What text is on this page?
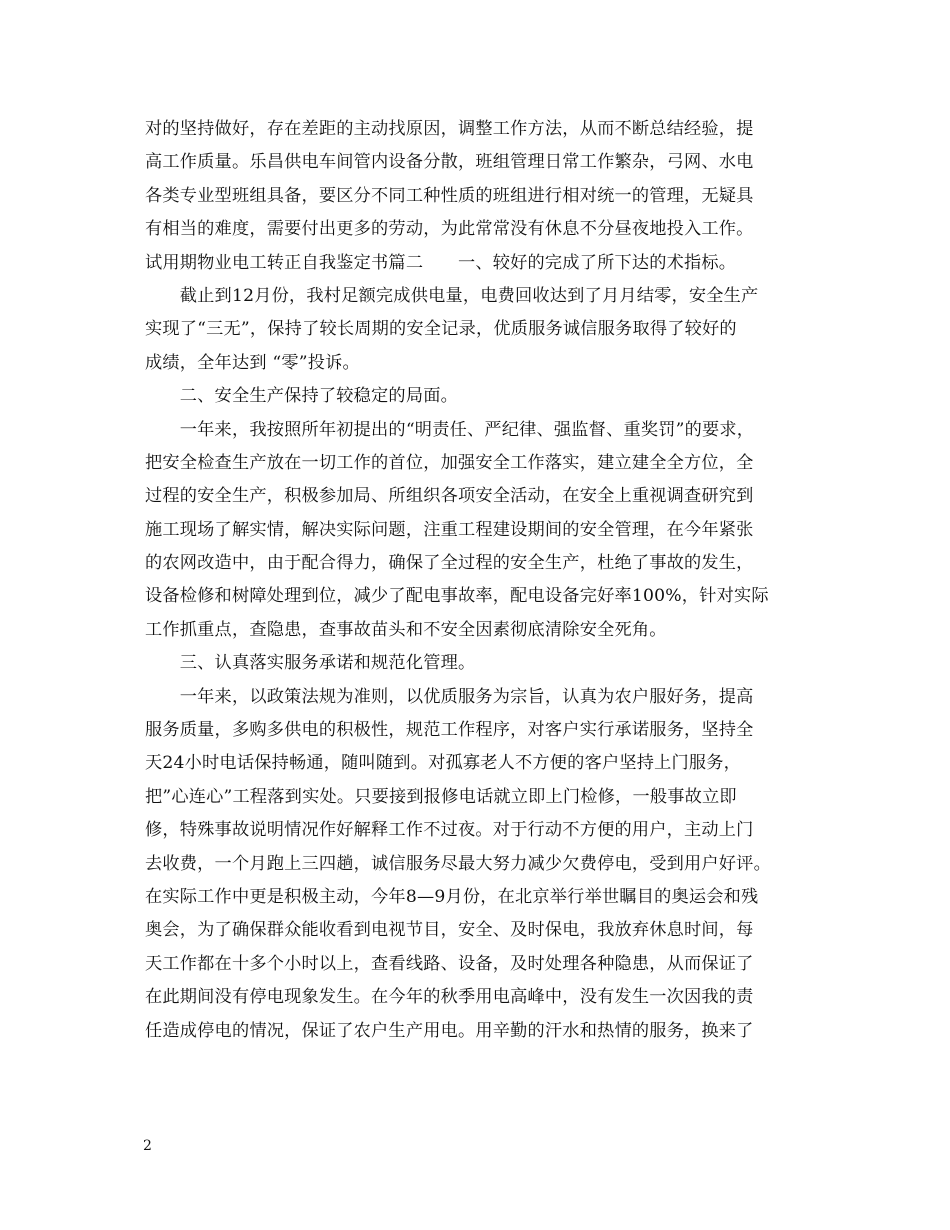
对的坚持做好，存在差距的主动找原因，调整工作方法，从而不断总结经验，提
高工作质量。乐昌供电车间管内设备分散，班组管理日常工作繁杂，弓网、水电
各类专业型班组具备，要区分不同工种性质的班组进行相对统一的管理，无疑具
有相当的难度，需要付出更多的劳动，为此常常没有休息不分昼夜地投入工作。
试用期物业电工转正自我鉴定书篇二　　一、较好的完成了所下达的术指标。
　　截止到12月份，我村足额完成供电量，电费回收达到了月月结零，安全生产
实现了“三无”，保持了较长周期的安全记录，优质服务诚信服务取得了较好的
成绩，全年达到 “零”投诉。
　　二、安全生产保持了较稳定的局面。
　　一年来，我按照所年初提出的“明责任、严纪律、强监督、重奖罚”的要求，
把安全检查生产放在一切工作的首位，加强安全工作落实，建立建全全方位，全
过程的安全生产，积极参加局、所组织各项安全活动，在安全上重视调查研究到
施工现场了解实情，解决实际问题，注重工程建设期间的安全管理，在今年紧张
的农网改造中，由于配合得力，确保了全过程的安全生产，杜绝了事故的发生，
设备检修和树障处理到位，减少了配电事故率，配电设备完好率100%，针对实际
工作抓重点，查隐患，查事故苗头和不安全因素彻底清除安全死角。
　　三、认真落实服务承诺和规范化管理。
　　一年来，以政策法规为准则，以优质服务为宗旨，认真为农户服好务，提高
服务质量，多购多供电的积极性，规范工作程序，对客户实行承诺服务，坚持全
天24小时电话保持畅通，随叫随到。对孤寡老人不方便的客户坚持上门服务，
把”心连心”工程落到实处。只要接到报修电话就立即上门检修，一般事故立即
修，特殊事故说明情况作好解释工作不过夜。对于行动不方便的用户，主动上门
去收费，一个月跑上三四趟，诚信服务尽最大努力减少欠费停电，受到用户好评。
在实际工作中更是积极主动，今年8—9月份，在北京举行举世瞩目的奥运会和残
奥会，为了确保群众能收看到电视节目，安全、及时保电，我放弃休息时间，每
天工作都在十多个小时以上，查看线路、设备，及时处理各种隐患，从而保证了
在此期间没有停电现象发生。在今年的秋季用电高峰中，没有发生一次因我的责
任造成停电的情况，保证了农户生产用电。用辛勤的汗水和热情的服务，换来了
2
